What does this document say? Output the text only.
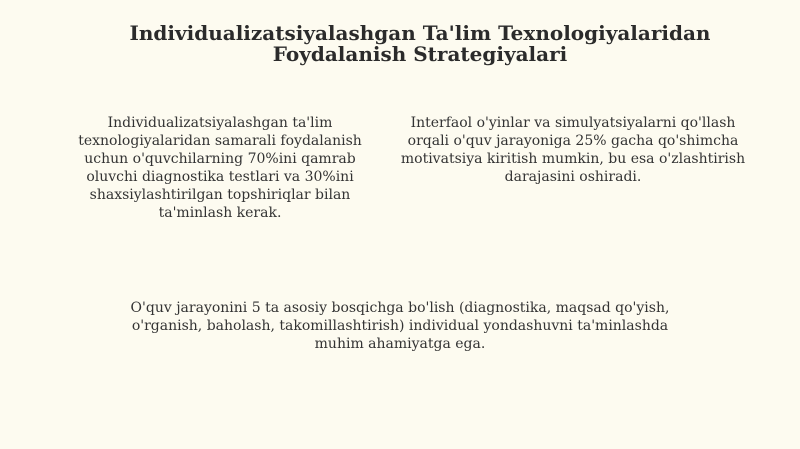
Individualizatsiyalashgan Ta'lim Texnologiyalaridan Foydalanish Strategiyalari

Individualizatsiyalashgan ta'lim texnologiyalaridan samarali foydalanish uchun o'quvchilarning 70%ini qamrab oluvchi diagnostika testlari va 30%ini shaxsiylashtirilgan topshiriqlar bilan ta'minlash kerak.

Interfaol o'yinlar va simulyatsiyalarni qo'llash orqali o'quv jarayoniga 25% gacha qo'shimcha motivatsiya kiritish mumkin, bu esa o'zlashtirish darajasini oshiradi.

O'quv jarayonini 5 ta asosiy bosqichga bo'lish (diagnostika, maqsad qo'yish, o'rganish, baholash, takomillashtirish) individual yondashuvni ta'minlashda muhim ahamiyatga ega.
